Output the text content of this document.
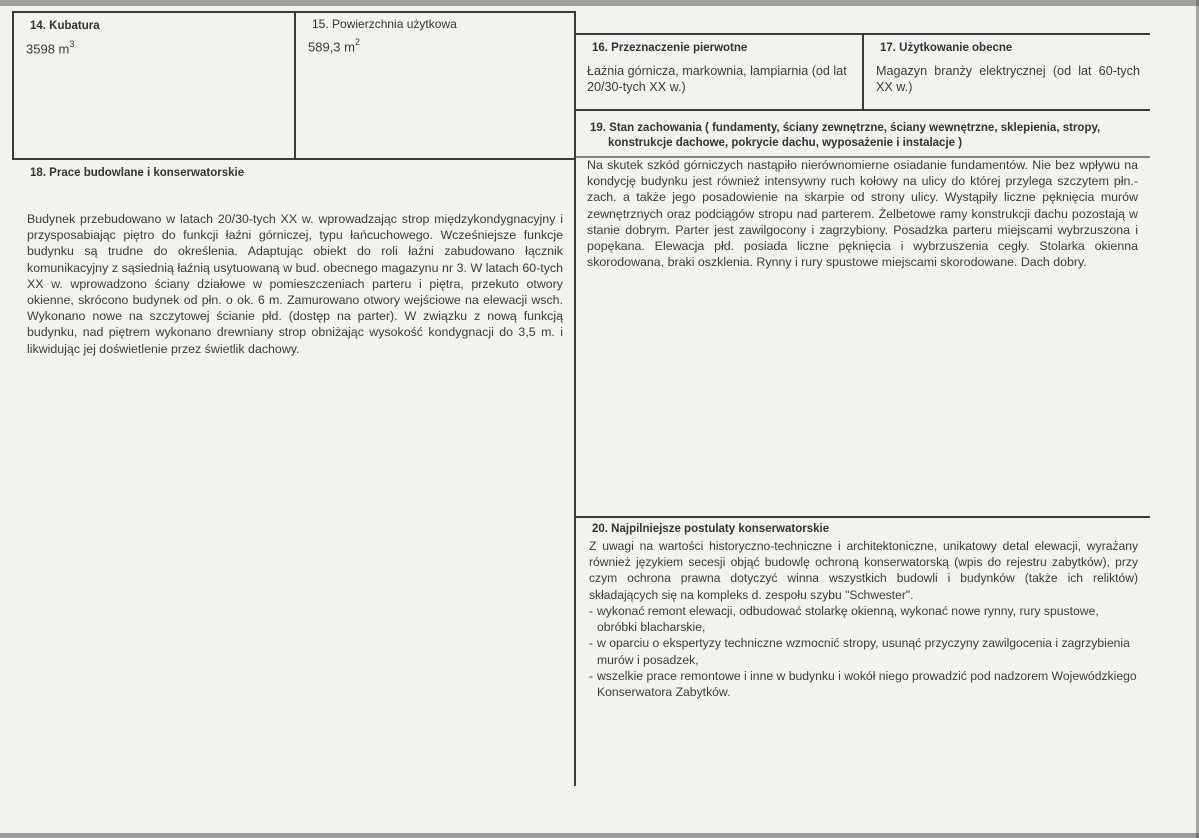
14. Kubatura
3598 $m^3$
15. Powierzchnia użytkowa
589,3 $m^2$	16. Przeznaczenie pierwotne
Łaźnia górnicza, markownia, lampiarnia (od lat 20/30-tych XX w.)
17. Użytkowanie obecne
Magazyn branży elektrycznej (od lat 60-tych XX w.)
18. Prace budowlane i konserwatorskie
Budynek przebudowano w latach 20/30-tych XX w. wprowadzając strop międzykondygnacyjny i przysposabiając piętro do funkcji łaźni górniczej, typu łańcuchowego. Wcześniejsze funkcje budynku są trudne do określenia. Adaptując obiekt do roli łaźni zabudowano łącznik komunikacyjny z sąsiednią łaźnią usytuowaną w bud. obecnego magazynu nr 3. W latach 60-tych XX w. wprowadzono ściany działowe w pomieszczeniach parteru i piętra, przekuto otwory okienne, skrócono budynek od płn. o ok. 6 m. Zamurowano otwory wejściowe na elewacji wsch. Wykonano nowe na szczytowej ścianie płd. (dostęp na parter). W związku z nową funkcją budynku, nad piętrem wykonano drewniany strop obniżając wysokość kondygnacji do 3,5 m. i likwidując jej doświetlenie przez świetlik dachowy.
19. Stan zachowania ( fundamenty, ściany zewnętrzne, ściany wewnętrzne, sklepienia, stropy,
konstrukcje dachowe, pokrycie dachu, wyposażenie i instalacje )
Na skutek szkód górniczych nastąpiło nierównomierne osiadanie fundamentów. Nie bez wpływu na kondycję budynku jest również intensywny ruch kołowy na ulicy do której przylega szczytem płn.-zach. a także jego posadowienie na skarpie od strony ulicy. Wystąpiły liczne pęknięcia murów zewnętrznych oraz podciągów stropu nad parterem. Żelbetowe ramy konstrukcji dachu pozostają w stanie dobrym. Parter jest zawilgocony i zagrzybiony. Posadzka parteru miejscami wybrzuszona i popękana. Elewacja płd. posiada liczne pęknięcia i wybrzuszenia cegły. Stolarka okienna skorodowana, braki oszklenia. Rynny i rury spustowe miejscami skorodowane. Dach dobry.
20. Najpilniejsze postulaty konserwatorskie
Z uwagi na wartości historyczno-techniczne i architektoniczne, unikatowy detal elewacji, wyrażany również językiem secesji objąć budowlę ochroną konserwatorską (wpis do rejestru zabytków), przy czym ochrona prawna dotyczyć winna wszystkich budowli i budynków (także ich reliktów) składających się na kompleks d. zespołu szybu "Schwester".
- wykonać remont elewacji, odbudować stolarkę okienną, wykonać nowe rynny, rury spustowe, obróbki blacharskie,
- w oparciu o ekspertyzy techniczne wzmocnić stropy, usunąć przyczyny zawilgocenia i zagrzybienia murów i posadzek,
- wszelkie prace remontowe i inne w budynku i wokół niego prowadzić pod nadzorem Wojewódzkiego Konserwatora Zabytków.
